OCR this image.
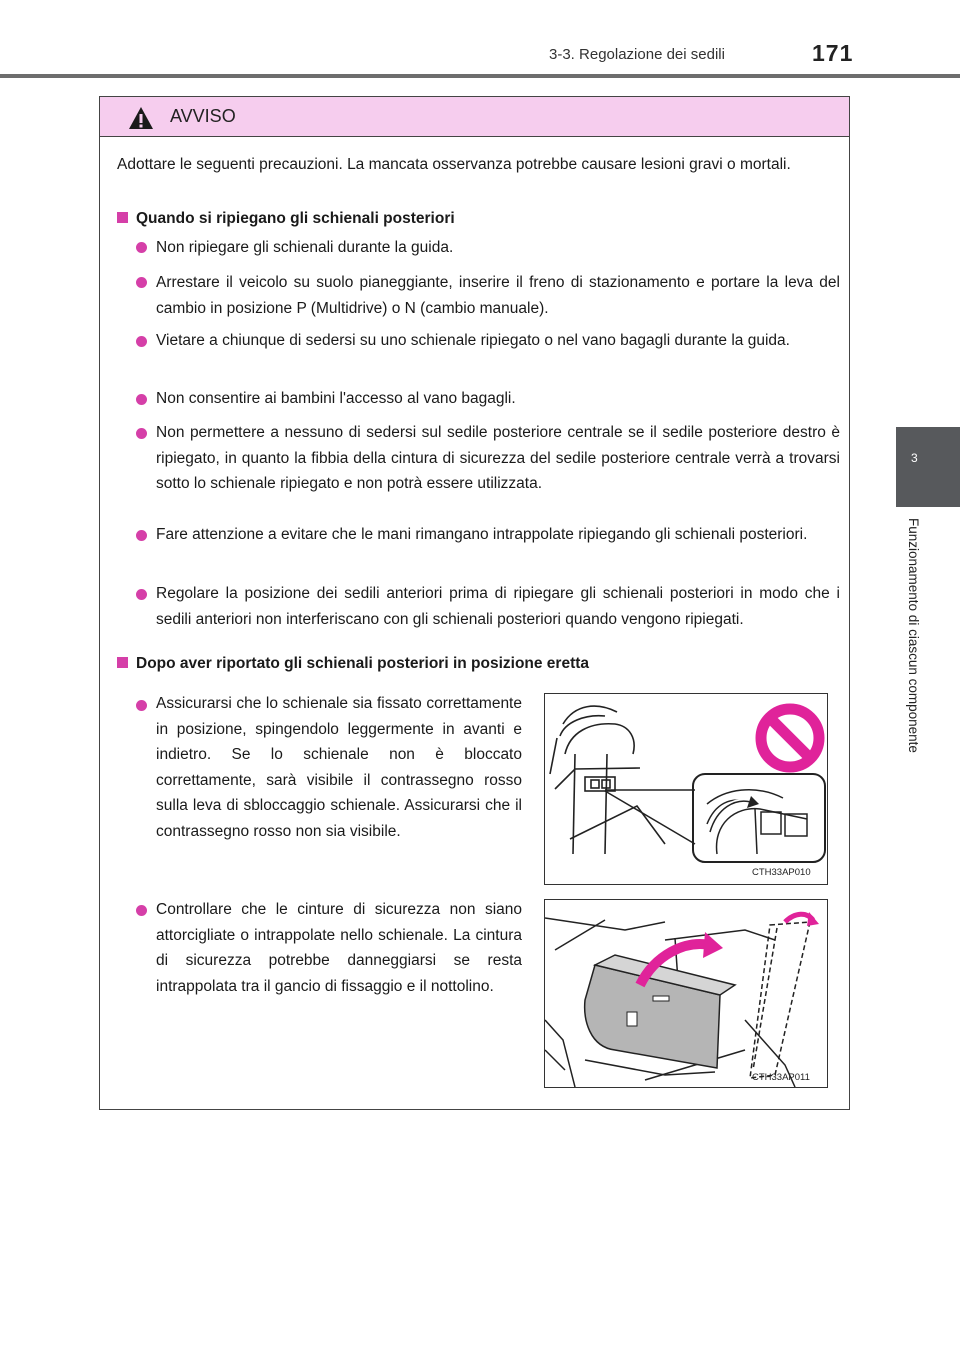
3-3. Regolazione dei sedili	171
3
Funzionamento di ciascun componente
AVVISO
Adottare le seguenti precauzioni. La mancata osservanza potrebbe causare lesioni gravi o mortali.
Quando si ripiegano gli schienali posteriori
Non ripiegare gli schienali durante la guida.
Arrestare il veicolo su suolo pianeggiante, inserire il freno di stazionamento e portare la leva del cambio in posizione P (Multidrive) o N (cambio manuale).
Vietare a chiunque di sedersi su uno schienale ripiegato o nel vano bagagli durante la guida.
Non consentire ai bambini l'accesso al vano bagagli.
Non permettere a nessuno di sedersi sul sedile posteriore centrale se il sedile posteriore destro è ripiegato, in quanto la fibbia della cintura di sicurezza del sedile posteriore centrale verrà a trovarsi sotto lo schienale ripiegato e non potrà essere utilizzata.
Fare attenzione a evitare che le mani rimangano intrappolate ripiegando gli schienali posteriori.
Regolare la posizione dei sedili anteriori prima di ripiegare gli schienali posteriori in modo che i sedili anteriori non interferiscano con gli schienali posteriori quando vengono ripiegati.
Dopo aver riportato gli schienali posteriori in posizione eretta
Assicurarsi che lo schienale sia fissato correttamente in posizione, spingendolo leggermente in avanti e indietro. Se lo schienale non è bloccato correttamente, sarà visibile il contrassegno rosso sulla leva di sbloccaggio schienale. Assicurarsi che il contrassegno rosso non sia visibile.
Controllare che le cinture di sicurezza non siano attorcigliate o intrappolate nello schienale. La cintura di sicurezza potrebbe danneggiarsi se resta intrappolata tra il gancio di fissaggio e il nottolino.
CTH33AP010
CTH33AP011
